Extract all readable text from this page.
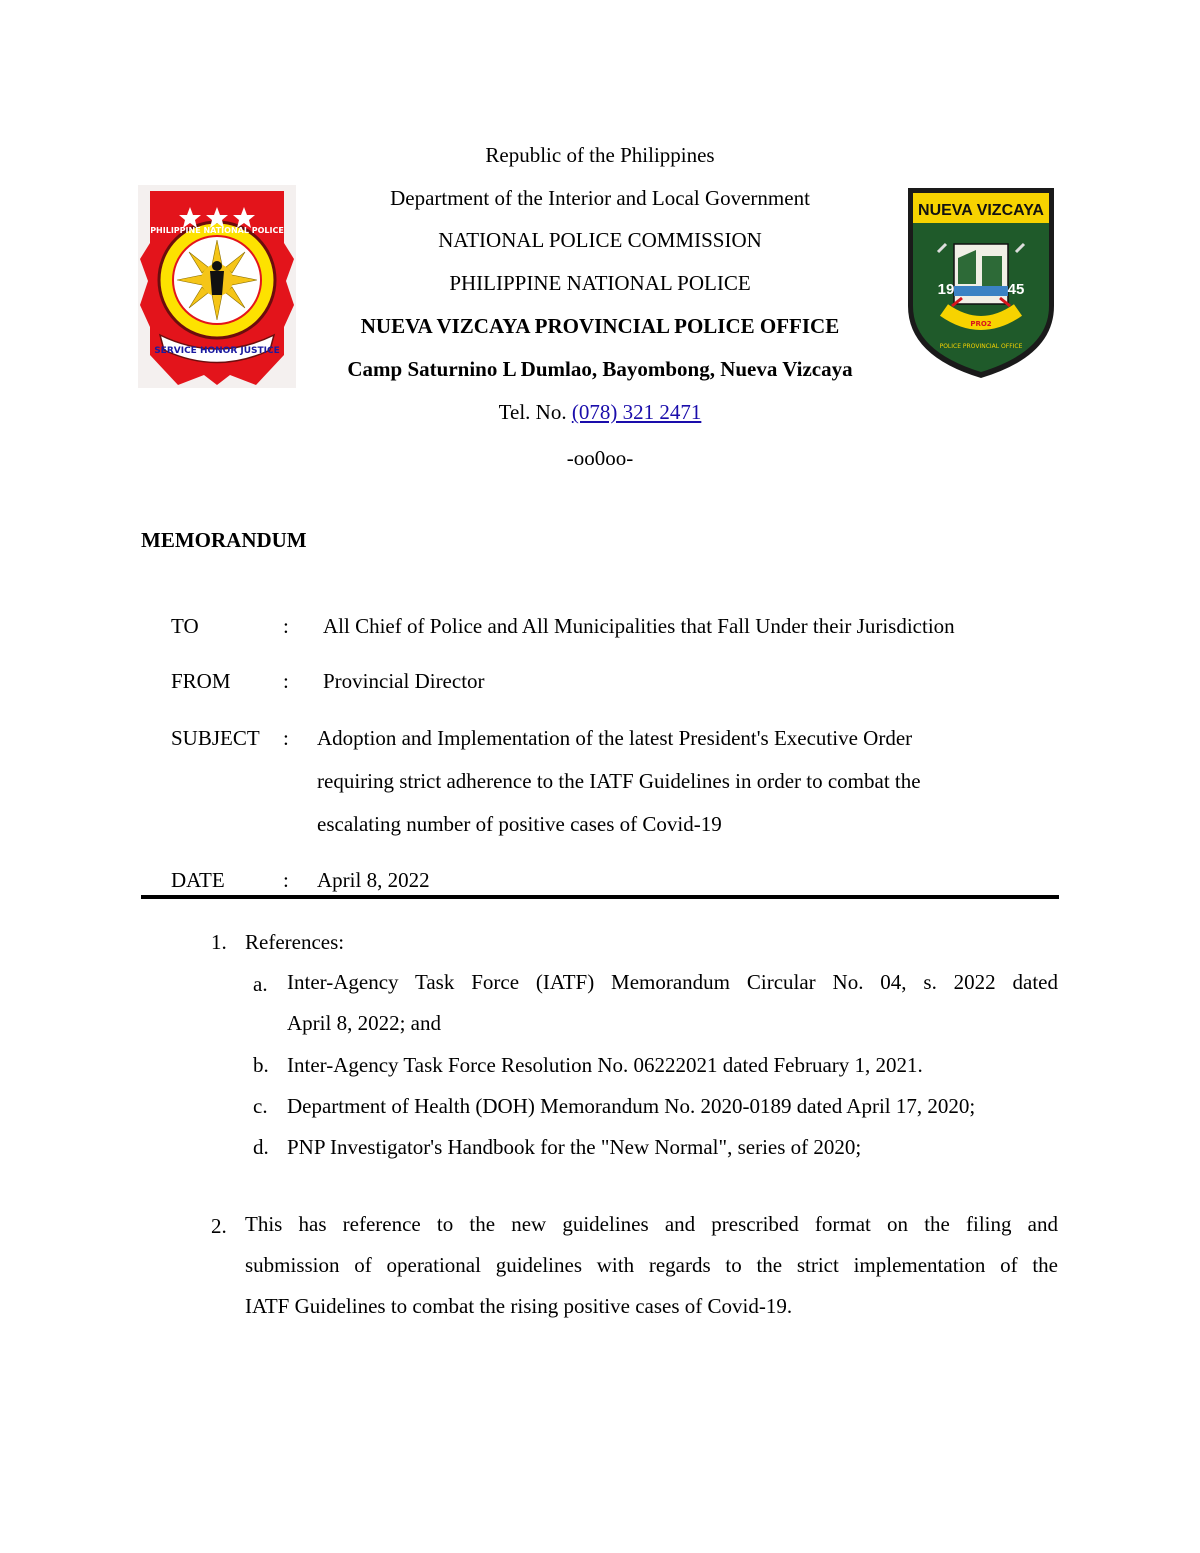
SERVICE HONOR JUSTICE
PHILIPPINE NATIONAL POLICE
NUEVA VIZCAYA
19	45
POLICE PROVINCIAL OFFICE
PRO2
Republic of the Philippines
Department of the Interior and Local Government
NATIONAL POLICE COMMISSION
PHILIPPINE NATIONAL POLICE
NUEVA VIZCAYA PROVINCIAL POLICE OFFICE
Camp Saturnino L Dumlao, Bayombong, Nueva Vizcaya
Tel. No. (078) 321 2471
-oo0oo-
MEMORANDUM
TO	: All Chief of Police and All Municipalities that Fall Under their Jurisdiction
FROM : Provincial Director
SUBJECT : Adoption and Implementation of the latest President's Executive Order
requiring strict adherence to the IATF Guidelines in order to combat the
escalating number of positive cases of Covid-19
DATE	: April 8, 2022
1. References:
a. Inter-Agency Task Force (IATF) Memorandum Circular No. 04, s. 2022 dated
April 8, 2022; and
b. Inter-Agency Task Force Resolution No. 06222021 dated February 1, 2021.
c. Department of Health (DOH) Memorandum No. 2020-0189 dated April 17, 2020;
d. PNP Investigator's Handbook for the "New Normal", series of 2020;
2. This has reference to the new guidelines and prescribed format on the filing and
submission of operational guidelines with regards to the strict implementation of the
IATF Guidelines to combat the rising positive cases of Covid-19.
